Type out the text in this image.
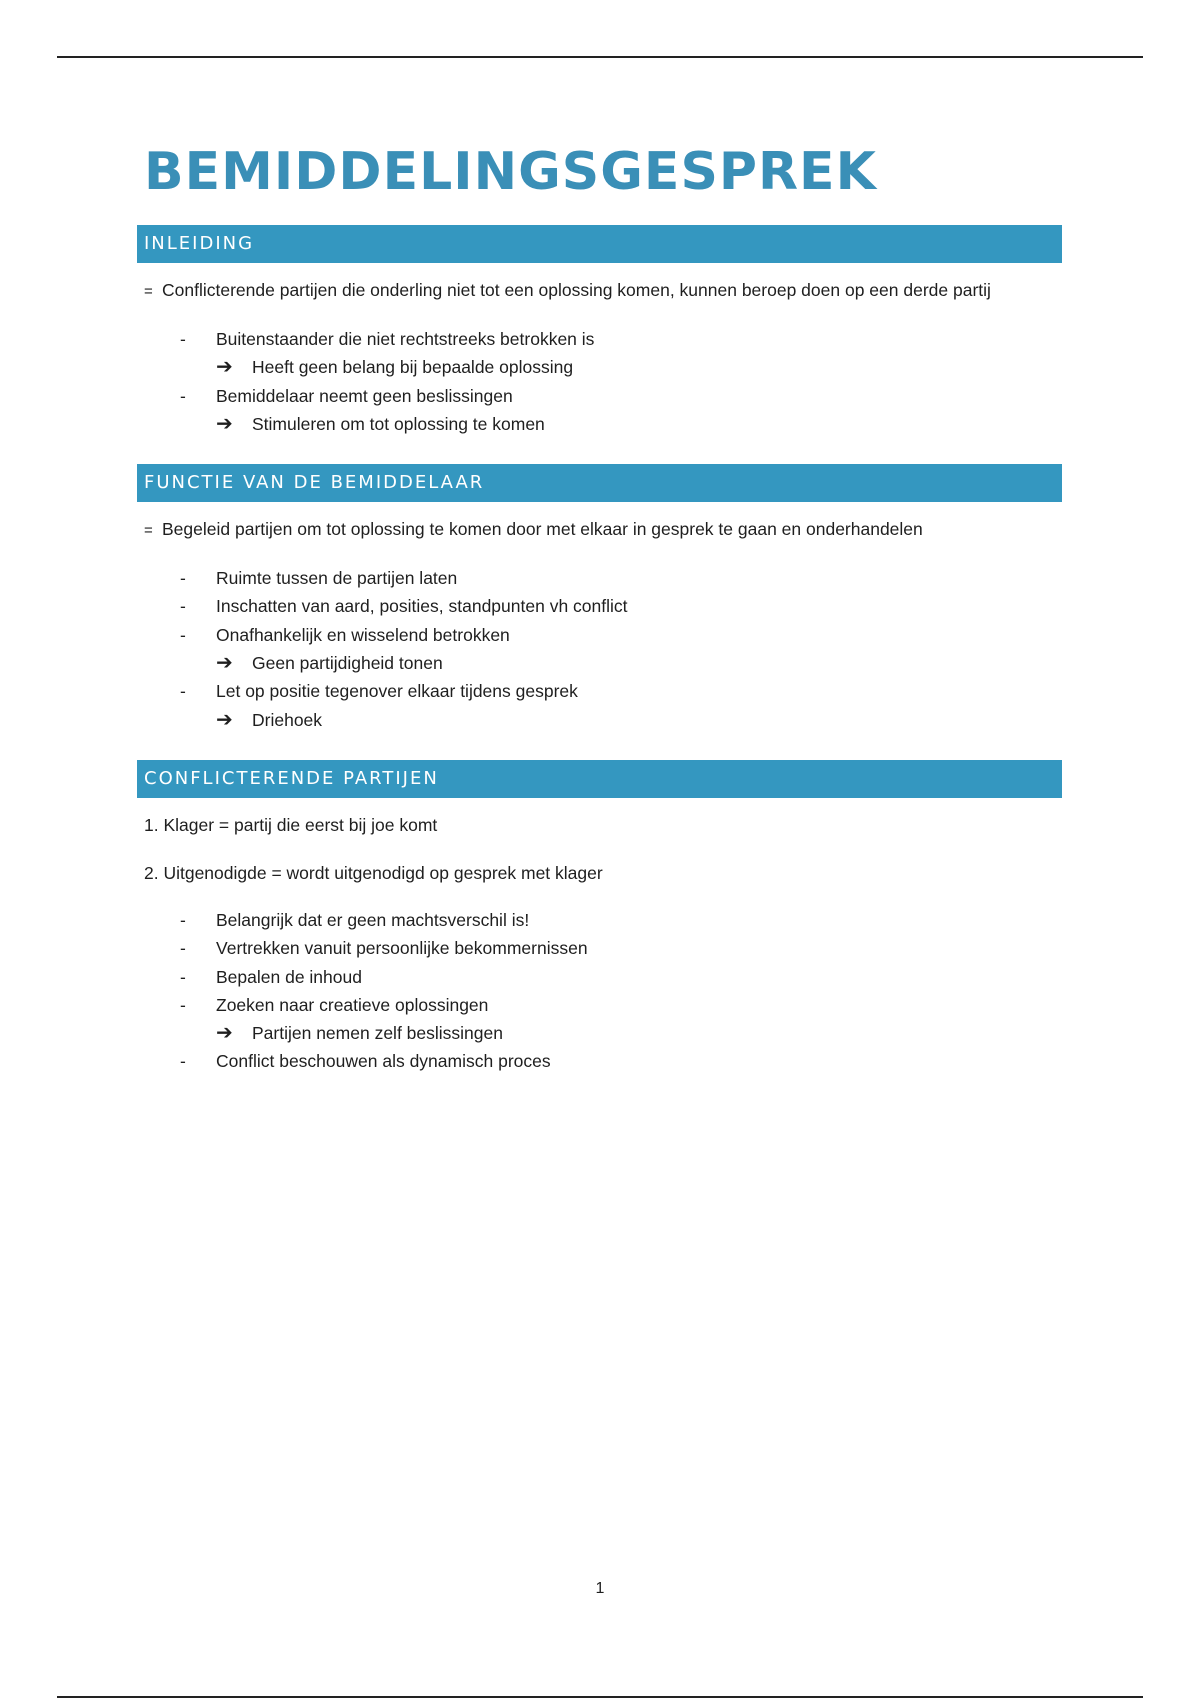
BEMIDDELINGSGESPREK
INLEIDING

= Conflicterende partijen die onderling niet tot een oplossing komen, kunnen beroep doen op een derde partij

- Buitenstaander die niet rechtstreeks betrokken is
➔ Heeft geen belang bij bepaalde oplossing
- Bemiddelaar neemt geen beslissingen
➔ Stimuleren om tot oplossing te komen
FUNCTIE VAN DE BEMIDDELAAR

= Begeleid partijen om tot oplossing te komen door met elkaar in gesprek te gaan en onderhandelen

- Ruimte tussen de partijen laten
- Inschatten van aard, posities, standpunten vh conflict
- Onafhankelijk en wisselend betrokken
➔ Geen partijdigheid tonen
- Let op positie tegenover elkaar tijdens gesprek
➔ Driehoek
CONFLICTERENDE PARTIJEN

1. Klager = partij die eerst bij joe komt

2. Uitgenodigde = wordt uitgenodigd op gesprek met klager

- Belangrijk dat er geen machtsverschil is!
- Vertrekken vanuit persoonlijke bekommernissen
- Bepalen de inhoud
- Zoeken naar creatieve oplossingen
➔ Partijen nemen zelf beslissingen
- Conflict beschouwen als dynamisch proces
1
